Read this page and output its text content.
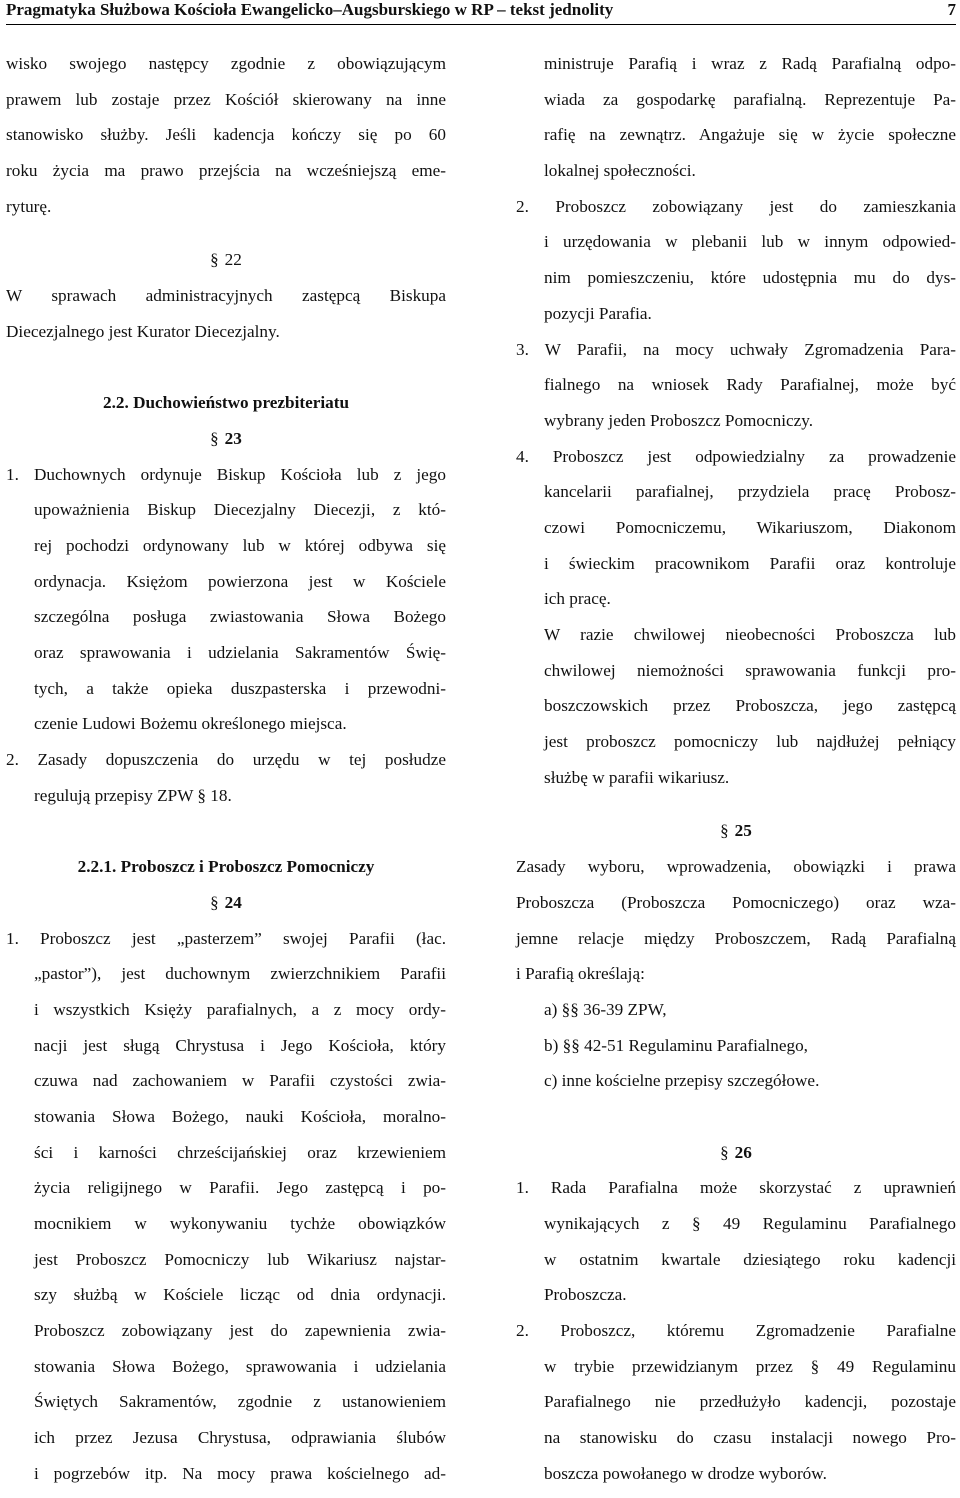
Pragmatyka Służbowa Kościoła Ewangelicko–Augsburskiego w RP – tekst jednolity	7
wisko swojego następcy zgodnie z obowiązującym
prawem lub zostaje przez Kościół skierowany na inne
stanowisko służby. Jeśli kadencja kończy się po 60
roku życia ma prawo przejścia na wcześniejszą eme-
ryturę.
§ 22
W sprawach administracyjnych zastępcą Biskupa
Diecezjalnego jest Kurator Diecezjalny.
2.2. Duchowieństwo prezbiteriatu
§ 23
1. Duchownych ordynuje Biskup Kościoła lub z jego
upoważnienia Biskup Diecezjalny Diecezji, z któ-
rej pochodzi ordynowany lub w której odbywa się
ordynacja. Księżom powierzona jest w Kościele
szczególna posługa zwiastowania Słowa Bożego
oraz sprawowania i udzielania Sakramentów Świę-
tych, a także opieka duszpasterska i przewodni-
czenie Ludowi Bożemu określonego miejsca.
2. Zasady dopuszczenia do urzędu w tej posłudze
regulują przepisy ZPW § 18.
2.2.1. Proboszcz i Proboszcz Pomocniczy
§ 24
1. Proboszcz jest „pasterzem” swojej Parafii (łac.
„pastor”), jest duchownym zwierzchnikiem Parafii
i wszystkich Księży parafialnych, a z mocy ordy-
nacji jest sługą Chrystusa i Jego Kościoła, który
czuwa nad zachowaniem w Parafii czystości zwia-
stowania Słowa Bożego, nauki Kościoła, moralno-
ści i karności chrześcijańskiej oraz krzewieniem
życia religijnego w Parafii. Jego zastępcą i po-
mocnikiem w wykonywaniu tychże obowiązków
jest Proboszcz Pomocniczy lub Wikariusz najstar-
szy służbą w Kościele licząc od dnia ordynacji.
Proboszcz zobowiązany jest do zapewnienia zwia-
stowania Słowa Bożego, sprawowania i udzielania
Świętych Sakramentów, zgodnie z ustanowieniem
ich przez Jezusa Chrystusa, odprawiania ślubów
i pogrzebów itp. Na mocy prawa kościelnego ad-
ministruje Parafią i wraz z Radą Parafialną odpo-
wiada za gospodarkę parafialną. Reprezentuje Pa-
rafię na zewnątrz. Angażuje się w życie społeczne
lokalnej społeczności.
2. Proboszcz zobowiązany jest do zamieszkania
i urzędowania w plebanii lub w innym odpowied-
nim pomieszczeniu, które udostępnia mu do dys-
pozycji Parafia.
3. W Parafii, na mocy uchwały Zgromadzenia Para-
fialnego na wniosek Rady Parafialnej, może być
wybrany jeden Proboszcz Pomocniczy.
4. Proboszcz jest odpowiedzialny za prowadzenie
kancelarii parafialnej, przydziela pracę Probosz-
czowi Pomocniczemu, Wikariuszom, Diakonom
i świeckim pracownikom Parafii oraz kontroluje
ich pracę.
W razie chwilowej nieobecności Proboszcza lub
chwilowej niemożności sprawowania funkcji pro-
boszczowskich przez Proboszcza, jego zastępcą
jest proboszcz pomocniczy lub najdłużej pełniący
służbę w parafii wikariusz.
§ 25
Zasady wyboru, wprowadzenia, obowiązki i prawa
Proboszcza (Proboszcza Pomocniczego) oraz wza-
jemne relacje między Proboszczem, Radą Parafialną
i Parafią określają:
a) §§ 36-39 ZPW,
b) §§ 42-51 Regulaminu Parafialnego,
c) inne kościelne przepisy szczegółowe.
§ 26
1. Rada Parafialna może skorzystać z uprawnień
wynikających z § 49 Regulaminu Parafialnego
w ostatnim kwartale dziesiątego roku kadencji
Proboszcza.
2. Proboszcz, któremu Zgromadzenie Parafialne
w trybie przewidzianym przez § 49 Regulaminu
Parafialnego nie przedłużyło kadencji, pozostaje
na stanowisku do czasu instalacji nowego Pro-
boszcza powołanego w drodze wyborów.
